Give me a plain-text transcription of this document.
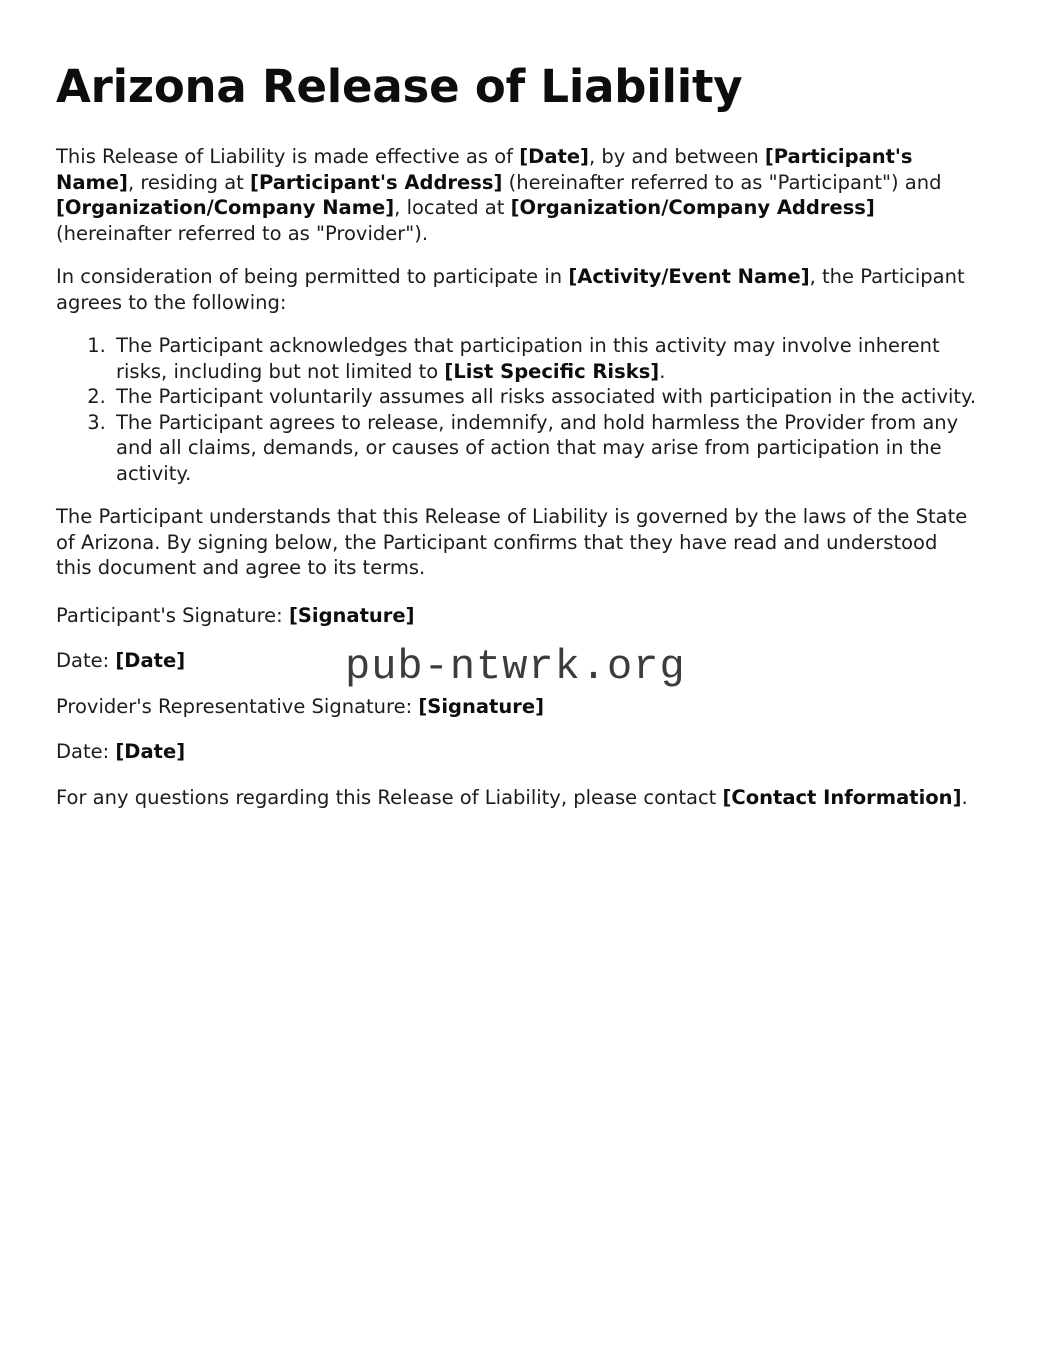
Arizona Release of Liability

This Release of Liability is made effective as of [Date], by and between [Participant's Name], residing at [Participant's Address] (hereinafter referred to as "Participant") and [Organization/Company Name], located at [Organization/Company Address] (hereinafter referred to as "Provider").

In consideration of being permitted to participate in [Activity/Event Name], the Participant agrees to the following:

1. The Participant acknowledges that participation in this activity may involve inherent risks, including but not limited to [List Specific Risks].
2. The Participant voluntarily assumes all risks associated with participation in the activity.
3. The Participant agrees to release, indemnify, and hold harmless the Provider from any and all claims, demands, or causes of action that may arise from participation in the activity.

The Participant understands that this Release of Liability is governed by the laws of the State of Arizona. By signing below, the Participant confirms that they have read and understood this document and agree to its terms.

pub-ntwrk.org
Participant's Signature: [Signature]
Date: [Date]
Provider's Representative Signature: [Signature]
Date: [Date]

For any questions regarding this Release of Liability, please contact [Contact Information].
